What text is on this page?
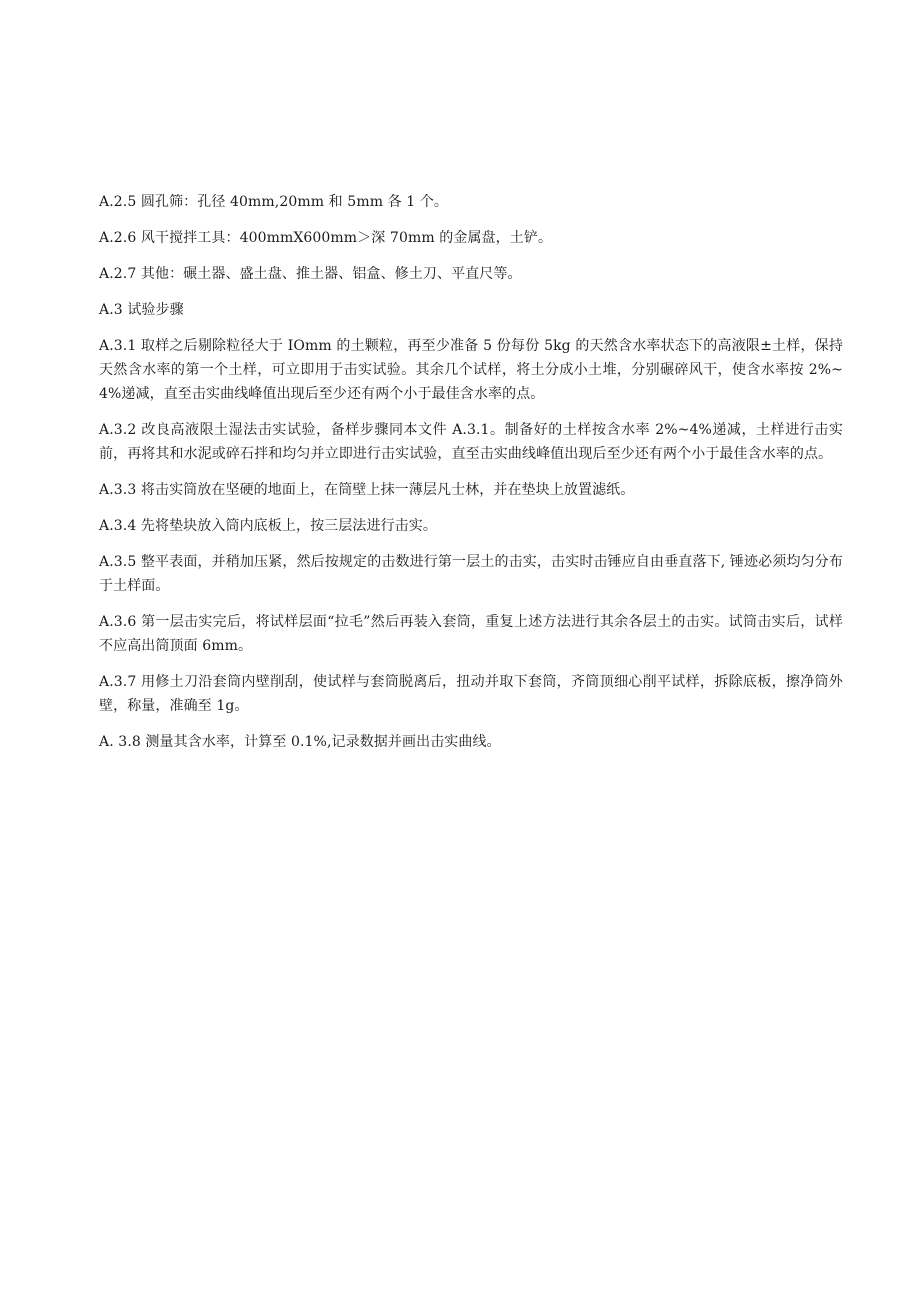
A.2.5 圆孔筛：孔径 40mm,20mm 和 5mm 各 1 个。

A.2.6 风干搅拌工具：400mmX600mm＞深 70mm 的金属盘，土铲。

A.2.7 其他：碾土器、盛土盘、推土器、铝盒、修土刀、平直尺等。

A.3 试验步骤

A.3.1 取样之后剔除粒径大于 IOmm 的土颗粒，再至少准备 5 份每份 5kg 的天然含水率状态下的高液限±土样，保持天然含水率的第一个土样，可立即用于击实试验。其余几个试样，将土分成小土堆，分别碾碎风干，使含水率按 2%~4%递减，直至击实曲线峰值出现后至少还有两个小于最佳含水率的点。

A.3.2 改良高液限土湿法击实试验，备样步骤同本文件 A.3.1。制备好的土样按含水率 2%~4%递减，土样进行击实前，再将其和水泥或碎石拌和均匀并立即进行击实试验，直至击实曲线峰值出现后至少还有两个小于最佳含水率的点。

A.3.3 将击实筒放在坚硬的地面上，在筒壁上抹一薄层凡士林，并在垫块上放置滤纸。

A.3.4 先将垫块放入筒内底板上，按三层法进行击实。

A.3.5 整平表面，并稍加压紧，然后按规定的击数进行第一层土的击实，击实时击锤应自由垂直落下, 锤迹必须均匀分布于土样面。

A.3.6 第一层击实完后，将试样层面“拉毛”然后再装入套筒，重复上述方法进行其余各层土的击实。试筒击实后，试样不应高出筒顶面 6mm。

A.3.7 用修土刀沿套筒内壁削刮，使试样与套筒脱离后，扭动并取下套筒，齐筒顶细心削平试样，拆除底板，擦净筒外壁，称量，准确至 1g。

A. 3.8 测量其含水率，计算至 0.1%,记录数据并画出击实曲线。
